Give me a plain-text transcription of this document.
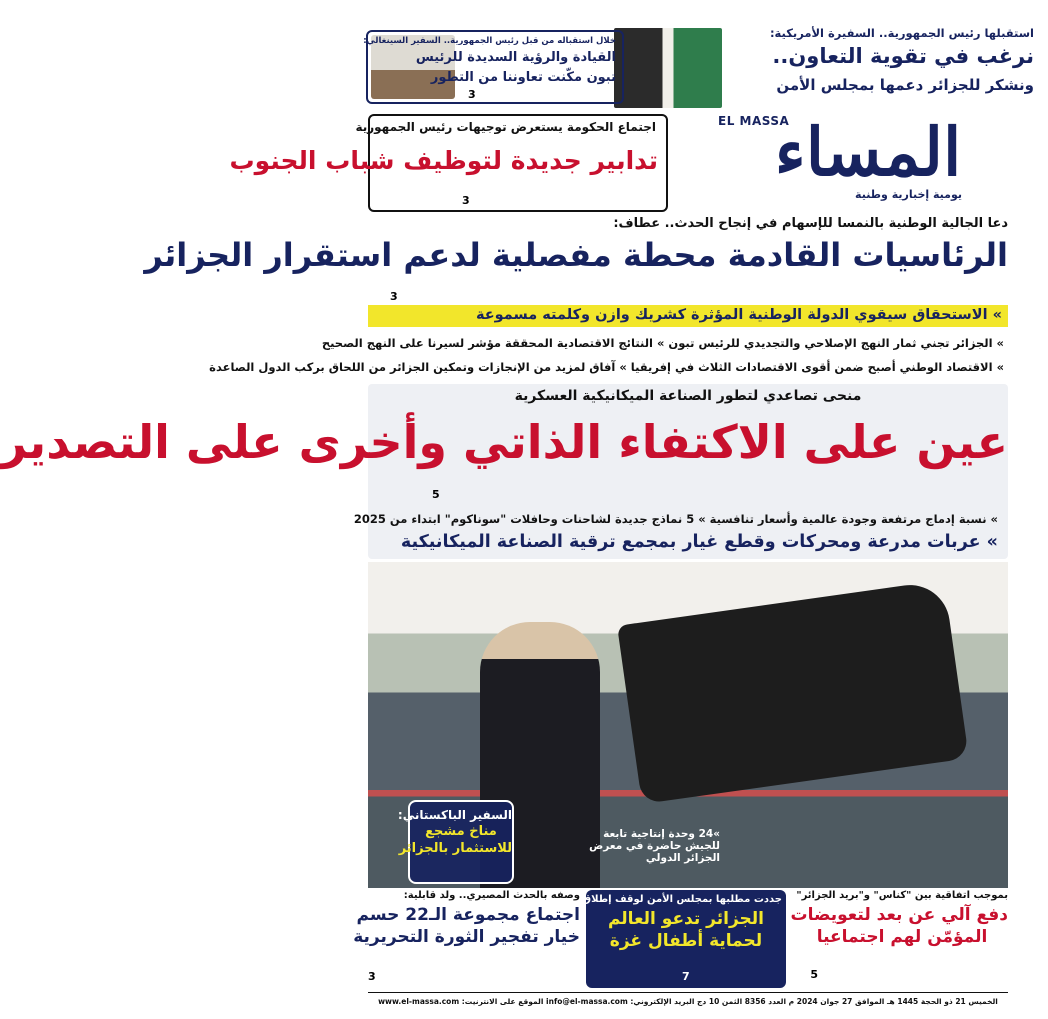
استقبلها رئيس الجمهورية.. السفيرة الأمريكية:
نرغب في تقوية التعاون..
ونشكر للجزائر دعمها بمجلس الأمن
خلال استقباله من قبل رئيس الجمهورية.. السفير السينغالي:
القيادة والرؤية السديدة للرئيس
تبون مكّنت تعاوننا من التطور
3
EL MASSA
المساء
يومية إخبارية وطنية
اجتماع الحكومة يستعرض توجيهات رئيس الجمهورية
تدابير جديدة لتوظيف شباب الجنوب
3
دعا الجالية الوطنية بالنمسا للإسهام في إنجاح الحدث.. عطاف:
الرئاسيات القادمة محطة مفصلية لدعم استقرار الجزائر
3
» الاستحقاق سيقوي الدولة الوطنية المؤثرة كشريك وازن وكلمته مسموعة
» الجزائر تجني ثمار النهج الإصلاحي والتجديدي للرئيس تبون » النتائج الاقتصادية المحققة مؤشر لسيرنا على النهج الصحيح
» الاقتصاد الوطني أصبح ضمن أقوى الاقتصادات الثلاث في إفريقيا » آفاق لمزيد من الإنجازات وتمكين الجزائر من اللحاق بركب الدول الصاعدة
منحى تصاعدي لتطور الصناعة الميكانيكية العسكرية
عين على الاكتفاء الذاتي وأخرى على التصدير
5
» نسبة إدماج مرتفعة وجودة عالمية وأسعار تنافسية » 5 نماذج جديدة لشاحنات وحافلات "سوناكوم" ابتداء من 2025
» عربات مدرعة ومحركات وقطع غيار بمجمع ترقية الصناعة الميكانيكية
السفير الباكستاني:
مناخ مشجع
للاستثمار بالجزائر
»24 وحدة إنتاجية تابعة
للجيش حاضرة في معرض
الجزائر الدولي
بموجب اتفاقية بين "كناس" و"بريد الجزائر"
دفع آلي عن بعد لتعويضات
المؤمّن لهم اجتماعيا
5
جددت مطلبها بمجلس الأمن لوقف إطلاق النار
الجزائر تدعو العالم
لحماية أطفال غزة
7
وصفه بالحدث المصيري.. ولد قابلية:
اجتماع مجموعة الـ22 حسم
خيار تفجير الثورة التحريرية
3
الخميس 21 ذو الحجة 1445 هـ الموافق 27 جوان 2024 م العدد 8356 الثمن 10 دج البريد الإلكتروني: info@el-massa.com الموقع على الانترنيت: www.el-massa.com
